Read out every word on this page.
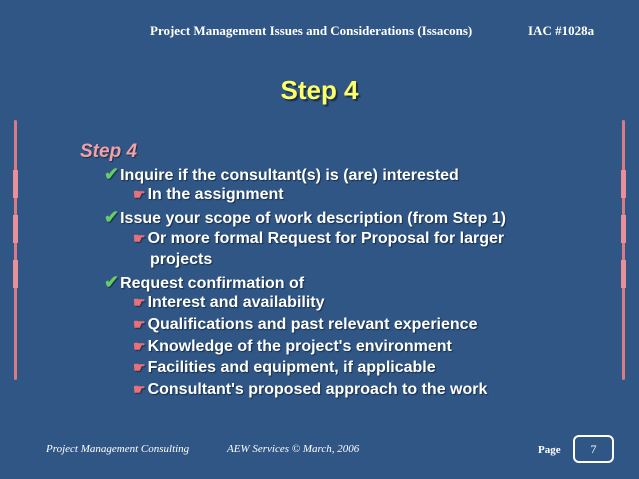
Project Management Issues and Considerations (Issacons)	IAC #1028a
Step 4
Step 4
✔Inquire if the consultant(s) is (are) interested
☛ In the assignment
✔Issue your scope of work description (from Step 1)
☛ Or more formal Request for Proposal for larger
projects
✔Request confirmation of
☛ Interest and availability
☛ Qualifications and past relevant experience
☛ Knowledge of the project's environment
☛ Facilities and equipment, if applicable
☛ Consultant's proposed approach to the work
Project Management Consulting	AEW Services © March, 2006	Page	7
